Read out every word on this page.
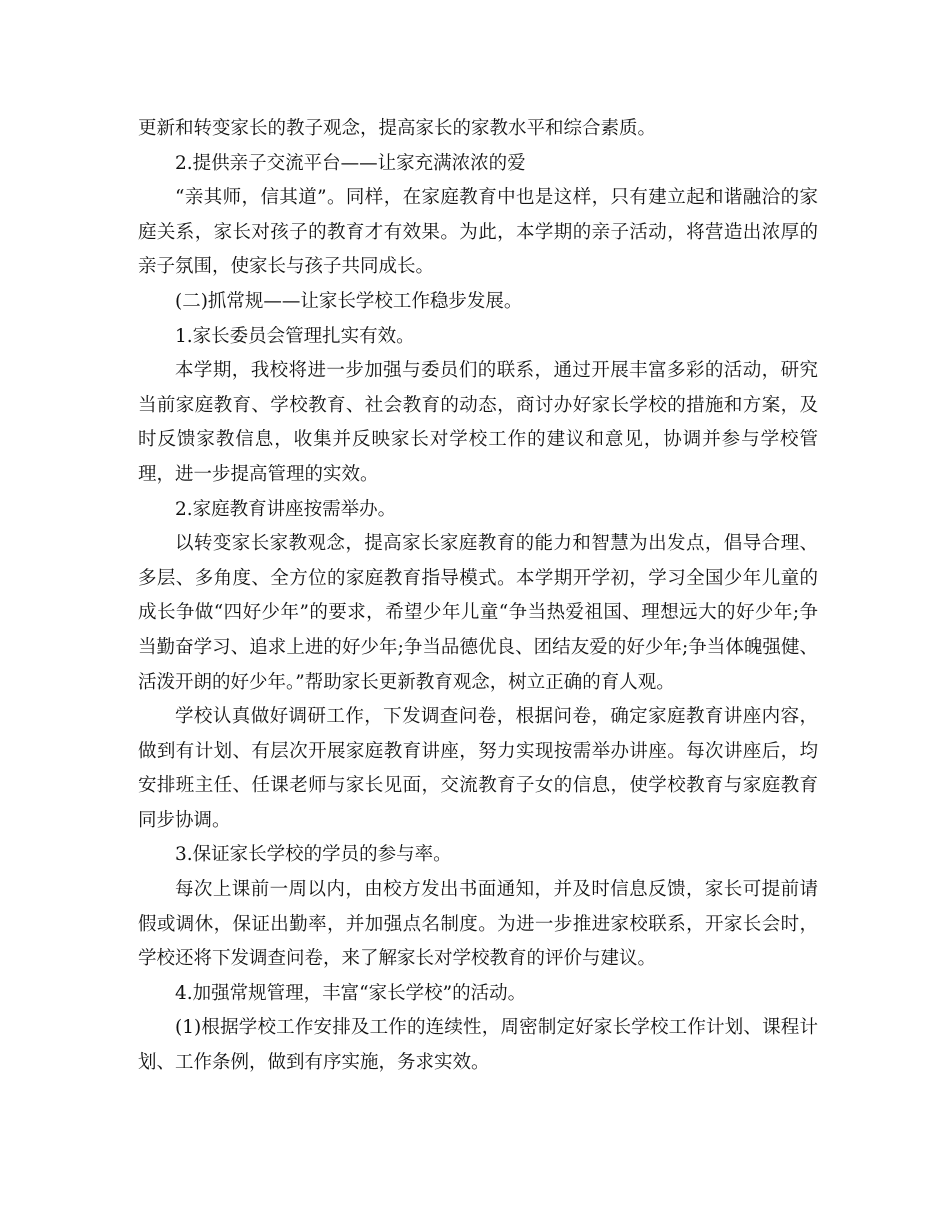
更新和转变家长的教子观念，提高家长的家教水平和综合素质。

2.提供亲子交流平台——让家充满浓浓的爱

“亲其师，信其道”。同样，在家庭教育中也是这样，只有建立起和谐融洽的家庭关系，家长对孩子的教育才有效果。为此，本学期的亲子活动，将营造出浓厚的亲子氛围，使家长与孩子共同成长。

(二)抓常规——让家长学校工作稳步发展。

1.家长委员会管理扎实有效。

本学期，我校将进一步加强与委员们的联系，通过开展丰富多彩的活动，研究当前家庭教育、学校教育、社会教育的动态，商讨办好家长学校的措施和方案，及时反馈家教信息，收集并反映家长对学校工作的建议和意见，协调并参与学校管理，进一步提高管理的实效。

2.家庭教育讲座按需举办。

以转变家长家教观念，提高家长家庭教育的能力和智慧为出发点，倡导合理、多层、多角度、全方位的家庭教育指导模式。本学期开学初，学习全国少年儿童的成长争做“四好少年”的要求，希望少年儿童“争当热爱祖国、理想远大的好少年;争当勤奋学习、追求上进的好少年;争当品德优良、团结友爱的好少年;争当体魄强健、活泼开朗的好少年。”帮助家长更新教育观念，树立正确的育人观。

学校认真做好调研工作，下发调查问卷，根据问卷，确定家庭教育讲座内容，做到有计划、有层次开展家庭教育讲座，努力实现按需举办讲座。每次讲座后，均安排班主任、任课老师与家长见面，交流教育子女的信息，使学校教育与家庭教育同步协调。

3.保证家长学校的学员的参与率。

每次上课前一周以内，由校方发出书面通知，并及时信息反馈，家长可提前请假或调休，保证出勤率，并加强点名制度。为进一步推进家校联系，开家长会时，学校还将下发调查问卷，来了解家长对学校教育的评价与建议。

4.加强常规管理，丰富“家长学校”的活动。

(1)根据学校工作安排及工作的连续性，周密制定好家长学校工作计划、课程计划、工作条例，做到有序实施，务求实效。
